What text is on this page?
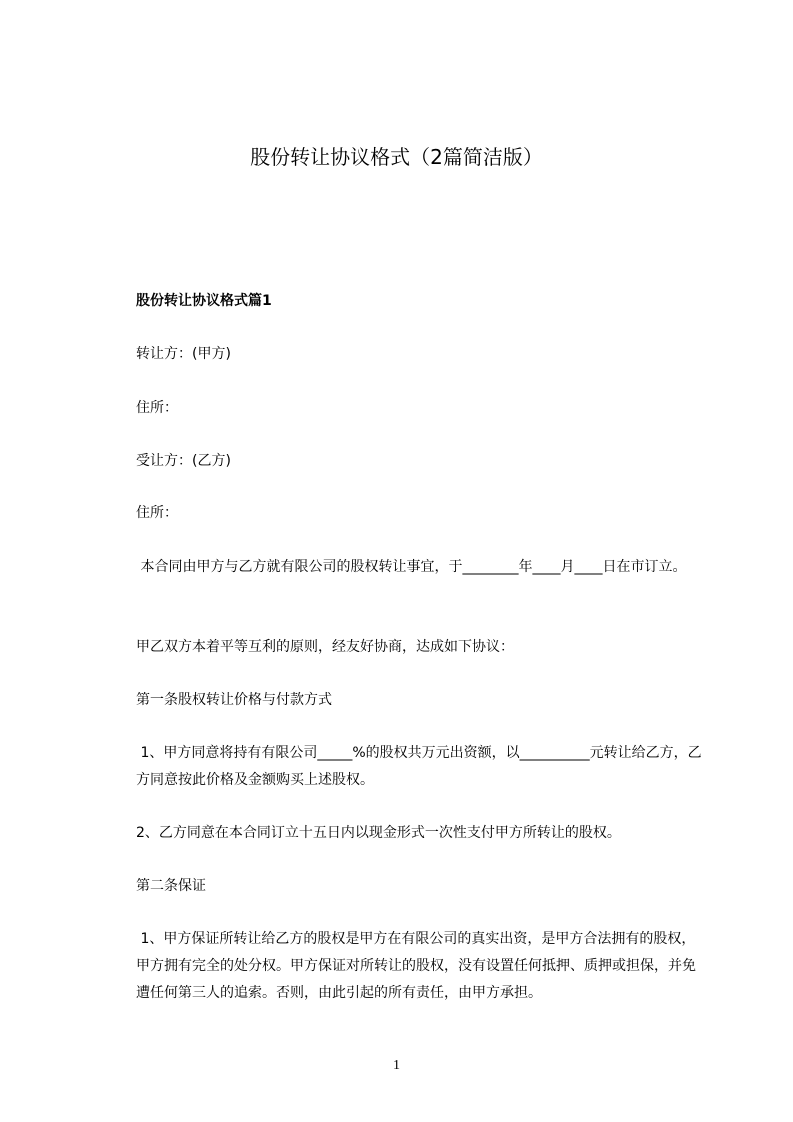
股份转让协议格式（2篇简洁版）
股份转让协议格式篇1
转让方：(甲方)
住所：
受让方：(乙方)
住所：
本合同由甲方与乙方就有限公司的股权转让事宜，于________年____月____日在市订立。
甲乙双方本着平等互利的原则，经友好协商，达成如下协议：
第一条股权转让价格与付款方式
1、甲方同意将持有有限公司_____%的股权共万元出资额，以__________元转让给乙方，乙方同意按此价格及金额购买上述股权。
2、乙方同意在本合同订立十五日内以现金形式一次性支付甲方所转让的股权。
第二条保证
1、甲方保证所转让给乙方的股权是甲方在有限公司的真实出资，是甲方合法拥有的股权，甲方拥有完全的处分权。甲方保证对所转让的股权，没有设置任何抵押、质押或担保，并免遭任何第三人的追索。否则，由此引起的所有责任，由甲方承担。
1
